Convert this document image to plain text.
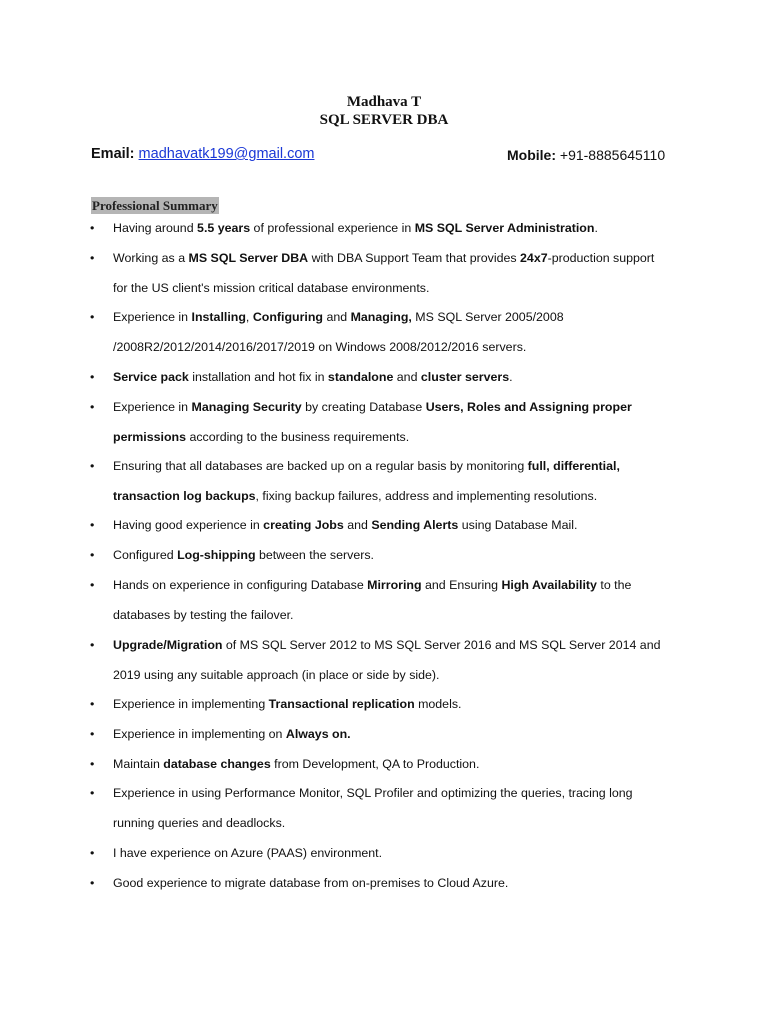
Madhava T
SQL SERVER DBA
Email: madhavatk199@gmail.com	Mobile: +91-8885645110
Professional Summary
• Having around 5.5 years of professional experience in MS SQL Server Administration.
• Working as a MS SQL Server DBA with DBA Support Team that provides 24x7-production support
for the US client's mission critical database environments.
• Experience in Installing, Configuring and Managing, MS SQL Server 2005/2008
/2008R2/2012/2014/2016/2017/2019 on Windows 2008/2012/2016 servers.
• Service pack installation and hot fix in standalone and cluster servers.
• Experience in Managing Security by creating Database Users, Roles and Assigning proper
permissions according to the business requirements.
• Ensuring that all databases are backed up on a regular basis by monitoring full, differential,
transaction log backups, fixing backup failures, address and implementing resolutions.
• Having good experience in creating Jobs and Sending Alerts using Database Mail.
• Configured Log-shipping between the servers.
• Hands on experience in configuring Database Mirroring and Ensuring High Availability to the
databases by testing the failover.
• Upgrade/Migration of MS SQL Server 2012 to MS SQL Server 2016 and MS SQL Server 2014 and
2019 using any suitable approach (in place or side by side).
• Experience in implementing Transactional replication models.
• Experience in implementing on Always on.
• Maintain database changes from Development, QA to Production.
• Experience in using Performance Monitor, SQL Profiler and optimizing the queries, tracing long
running queries and deadlocks.
• I have experience on Azure (PAAS) environment.
• Good experience to migrate database from on-premises to Cloud Azure.
